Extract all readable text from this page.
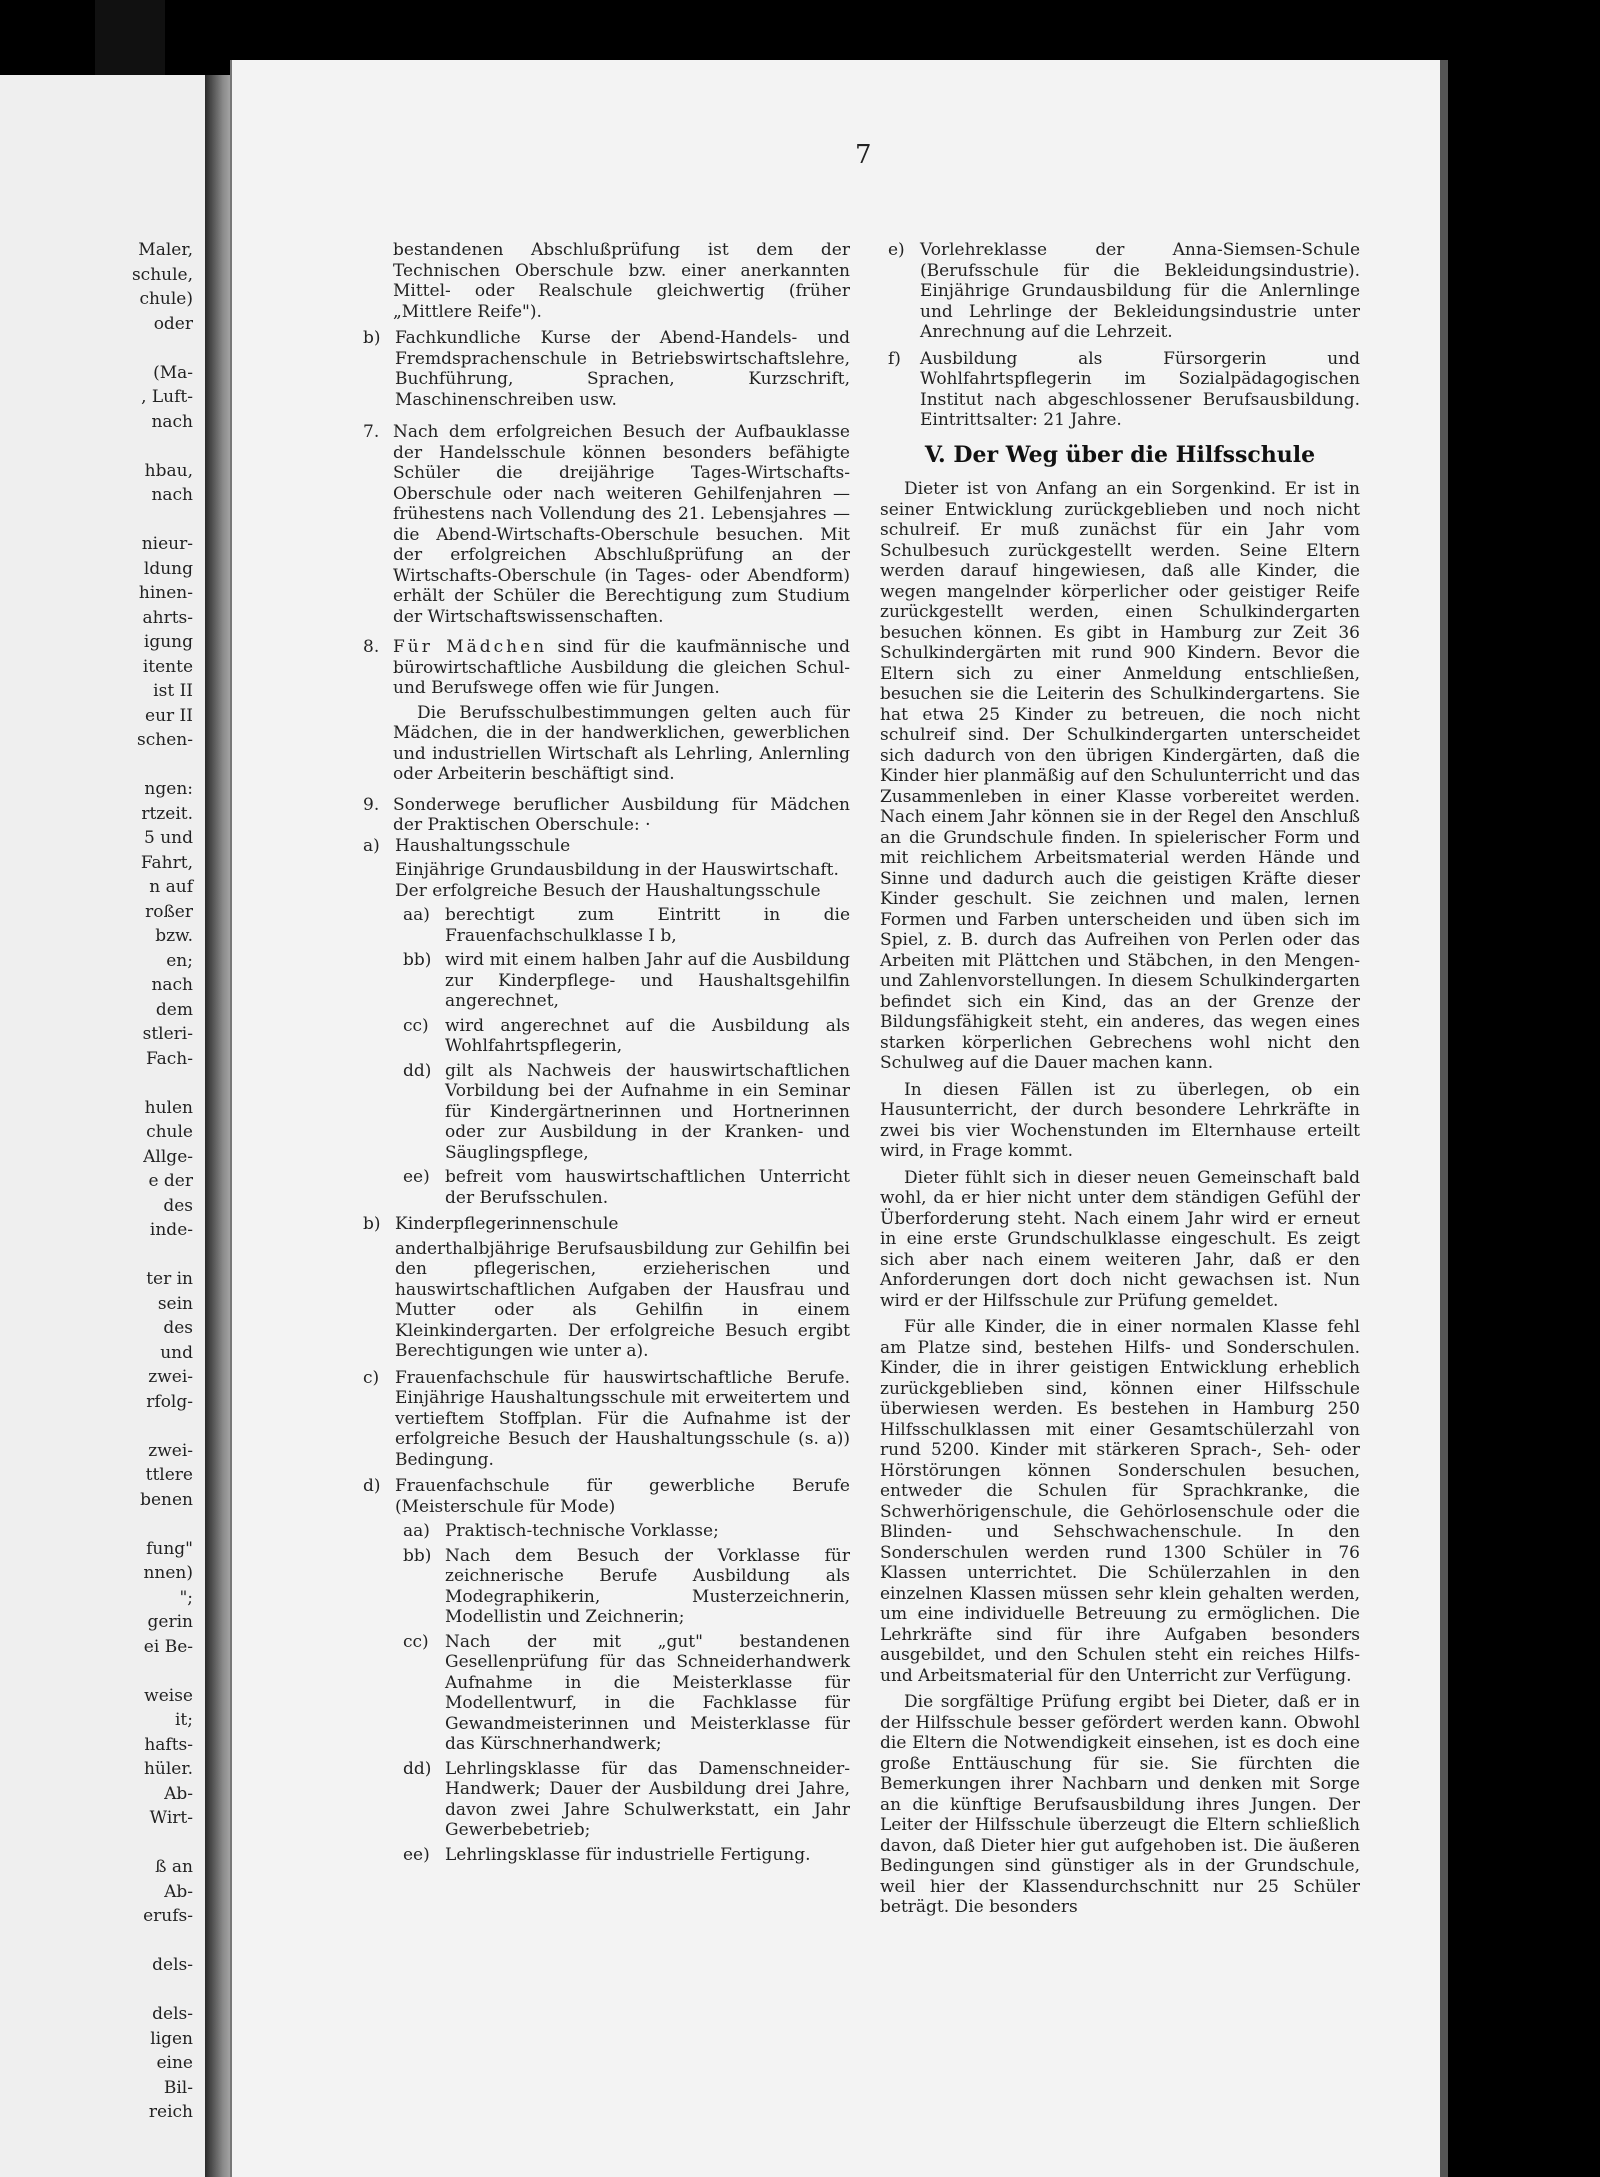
Maler,
schule,
chule)
oder
(Ma-
, Luft-
nach
hbau,
nach
nieur-
ldung
hinen-
ahrts-
igung
itente
ist II
eur II
schen-
ngen:
rtzeit.
5 und
Fahrt,
n auf
roßer
bzw.
en;
nach
dem
stleri-
Fach-
hulen
chule
Allge-
e der
des
inde-
ter in
sein
des
und
zwei-
rfolg-
zwei-
ttlere
benen
fung"
nnen)
";
gerin
ei Be-
weise
it;
hafts-
hüler.
Ab-
Wirt-
ß an
Ab-
erufs-
dels-
dels-
ligen
eine
Bil-
reich
7

bestandenen Abschlußprüfung ist dem der Technischen Oberschule bzw. einer anerkannten Mittel- oder Realschule gleichwertig (früher „Mittlere Reife").

b) Fachkundliche Kurse der Abend-Handels- und Fremdsprachenschule in Betriebswirtschaftslehre, Buchführung, Sprachen, Kurzschrift, Maschinenschreiben usw.

7. Nach dem erfolgreichen Besuch der Aufbauklasse der Handelsschule können besonders befähigte Schüler die dreijährige Tages-Wirtschafts-Oberschule oder nach weiteren Gehilfenjahren — frühestens nach Vollendung des 21. Lebensjahres — die Abend-Wirtschafts-Oberschule besuchen. Mit der erfolgreichen Abschlußprüfung an der Wirtschafts-Oberschule (in Tages- oder Abendform) erhält der Schüler die Berechtigung zum Studium der Wirtschaftswissenschaften.

8. Für Mädchen sind für die kaufmännische und bürowirtschaftliche Ausbildung die gleichen Schul- und Berufswege offen wie für Jungen.

Die Berufsschulbestimmungen gelten auch für Mädchen, die in der handwerklichen, gewerblichen und industriellen Wirtschaft als Lehrling, Anlernling oder Arbeiterin beschäftigt sind.

9. Sonderwege beruflicher Ausbildung für Mädchen der Praktischen Oberschule: ·

a) Haushaltungsschule

Einjährige Grundausbildung in der Hauswirtschaft.

Der erfolgreiche Besuch der Haushaltungsschule

aa) berechtigt zum Eintritt in die Frauenfachschulklasse I b,

bb) wird mit einem halben Jahr auf die Ausbildung zur Kinderpflege- und Haushaltsgehilfin angerechnet,

cc) wird angerechnet auf die Ausbildung als Wohlfahrtspflegerin,

dd) gilt als Nachweis der hauswirtschaftlichen Vorbildung bei der Aufnahme in ein Seminar für Kindergärtnerinnen und Hortnerinnen oder zur Ausbildung in der Kranken- und Säuglingspflege,

ee) befreit vom hauswirtschaftlichen Unterricht der Berufsschulen.

b) Kinderpflegerinnenschule

anderthalbjährige Berufsausbildung zur Gehilfin bei den pflegerischen, erzieherischen und hauswirtschaftlichen Aufgaben der Hausfrau und Mutter oder als Gehilfin in einem Kleinkindergarten. Der erfolgreiche Besuch ergibt Berechtigungen wie unter a).

c) Frauenfachschule für hauswirtschaftliche Berufe. Einjährige Haushaltungsschule mit erweitertem und vertieftem Stoffplan. Für die Aufnahme ist der erfolgreiche Besuch der Haushaltungsschule (s. a)) Bedingung.

d) Frauenfachschule für gewerbliche Berufe (Meisterschule für Mode)

aa) Praktisch-technische Vorklasse;

bb) Nach dem Besuch der Vorklasse für zeichnerische Berufe Ausbildung als Modegraphikerin, Musterzeichnerin, Modellistin und Zeichnerin;

cc) Nach der mit „gut" bestandenen Gesellenprüfung für das Schneiderhandwerk Aufnahme in die Meisterklasse für Modellentwurf, in die Fachklasse für Gewandmeisterinnen und Meisterklasse für das Kürschnerhandwerk;

dd) Lehrlingsklasse für das Damenschneider-Handwerk; Dauer der Ausbildung drei Jahre, davon zwei Jahre Schulwerkstatt, ein Jahr Gewerbebetrieb;

ee) Lehrlingsklasse für industrielle Fertigung.

e) Vorlehreklasse der Anna-Siemsen-Schule (Berufsschule für die Bekleidungsindustrie). Einjährige Grundausbildung für die Anlernlinge und Lehrlinge der Bekleidungsindustrie unter Anrechnung auf die Lehrzeit.

f) Ausbildung als Fürsorgerin und Wohlfahrtspflegerin im Sozialpädagogischen Institut nach abgeschlossener Berufsausbildung. Eintrittsalter: 21 Jahre.

V. Der Weg über die Hilfsschule

Dieter ist von Anfang an ein Sorgenkind. Er ist in seiner Entwicklung zurückgeblieben und noch nicht schulreif. Er muß zunächst für ein Jahr vom Schulbesuch zurückgestellt werden. Seine Eltern werden darauf hingewiesen, daß alle Kinder, die wegen mangelnder körperlicher oder geistiger Reife zurückgestellt werden, einen Schulkindergarten besuchen können. Es gibt in Hamburg zur Zeit 36 Schulkindergärten mit rund 900 Kindern. Bevor die Eltern sich zu einer Anmeldung entschließen, besuchen sie die Leiterin des Schulkindergartens. Sie hat etwa 25 Kinder zu betreuen, die noch nicht schulreif sind. Der Schulkindergarten unterscheidet sich dadurch von den übrigen Kindergärten, daß die Kinder hier planmäßig auf den Schulunterricht und das Zusammenleben in einer Klasse vorbereitet werden. Nach einem Jahr können sie in der Regel den Anschluß an die Grundschule finden. In spielerischer Form und mit reichlichem Arbeitsmaterial werden Hände und Sinne und dadurch auch die geistigen Kräfte dieser Kinder geschult. Sie zeichnen und malen, lernen Formen und Farben unterscheiden und üben sich im Spiel, z. B. durch das Aufreihen von Perlen oder das Arbeiten mit Plättchen und Stäbchen, in den Mengen- und Zahlenvorstellungen. In diesem Schulkindergarten befindet sich ein Kind, das an der Grenze der Bildungsfähigkeit steht, ein anderes, das wegen eines starken körperlichen Gebrechens wohl nicht den Schulweg auf die Dauer machen kann.

In diesen Fällen ist zu überlegen, ob ein Hausunterricht, der durch besondere Lehrkräfte in zwei bis vier Wochenstunden im Elternhause erteilt wird, in Frage kommt.

Dieter fühlt sich in dieser neuen Gemeinschaft bald wohl, da er hier nicht unter dem ständigen Gefühl der Überforderung steht. Nach einem Jahr wird er erneut in eine erste Grundschulklasse eingeschult. Es zeigt sich aber nach einem weiteren Jahr, daß er den Anforderungen dort doch nicht gewachsen ist. Nun wird er der Hilfsschule zur Prüfung gemeldet.

Für alle Kinder, die in einer normalen Klasse fehl am Platze sind, bestehen Hilfs- und Sonderschulen. Kinder, die in ihrer geistigen Entwicklung erheblich zurückgeblieben sind, können einer Hilfsschule überwiesen werden. Es bestehen in Hamburg 250 Hilfsschulklassen mit einer Gesamtschülerzahl von rund 5200. Kinder mit stärkeren Sprach-, Seh- oder Hörstörungen können Sonderschulen besuchen, entweder die Schulen für Sprachkranke, die Schwerhörigenschule, die Gehörlosenschule oder die Blinden- und Sehschwachenschule. In den Sonderschulen werden rund 1300 Schüler in 76 Klassen unterrichtet. Die Schülerzahlen in den einzelnen Klassen müssen sehr klein gehalten werden, um eine individuelle Betreuung zu ermöglichen. Die Lehrkräfte sind für ihre Aufgaben besonders ausgebildet, und den Schulen steht ein reiches Hilfs- und Arbeitsmaterial für den Unterricht zur Verfügung.

Die sorgfältige Prüfung ergibt bei Dieter, daß er in der Hilfsschule besser gefördert werden kann. Obwohl die Eltern die Notwendigkeit einsehen, ist es doch eine große Enttäuschung für sie. Sie fürchten die Bemerkungen ihrer Nachbarn und denken mit Sorge an die künftige Berufsausbildung ihres Jungen. Der Leiter der Hilfsschule überzeugt die Eltern schließlich davon, daß Dieter hier gut aufgehoben ist. Die äußeren Bedingungen sind günstiger als in der Grundschule, weil hier der Klassendurchschnitt nur 25 Schüler beträgt. Die besonders
